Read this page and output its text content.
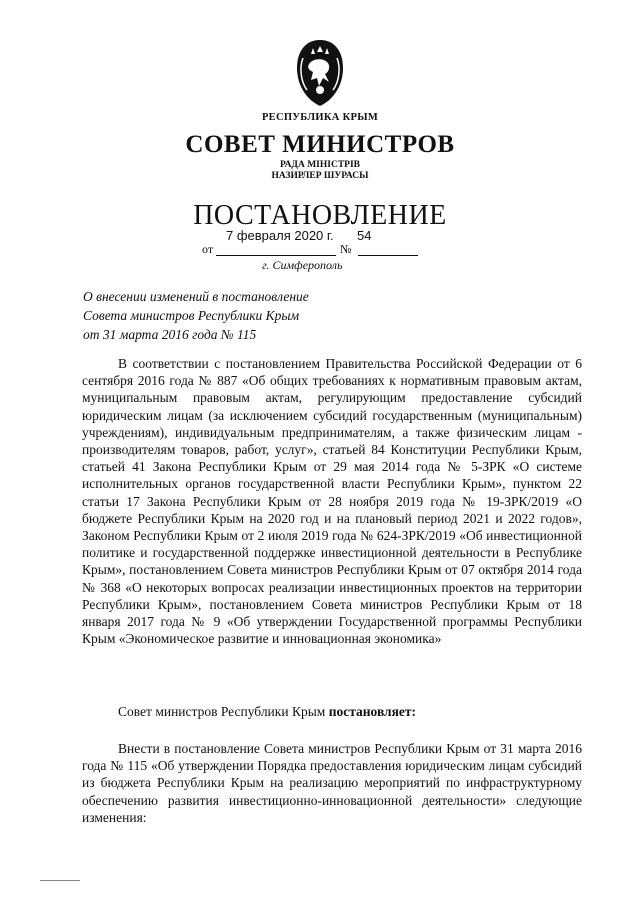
РЕСПУБЛИКА КРЫМ
СОВЕТ МИНИСТРОВ
РАДА МІНІСТРІВ
НАЗИРЛЕР ШУРАСЫ
ПОСТАНОВЛЕНИЕ
7 февраля 2020 г. 54
от	№
г. Симферополь
О внесении изменений в постановление
Совета министров Республики Крым
от 31 марта 2016 года № 115

В соответствии с постановлением Правительства Российской Федерации от 6 сентября 2016 года № 887 «Об общих требованиях к нормативным правовым актам, муниципальным правовым актам, регулирующим предоставление субсидий юридическим лицам (за исключением субсидий государственным (муниципальным) учреждениям), индивидуальным предпринимателям, а также физическим лицам - производителям товаров, работ, услуг», статьей 84 Конституции Республики Крым, статьей 41 Закона Республики Крым от 29 мая 2014 года № 5-ЗРК «О системе исполнительных органов государственной власти Республики Крым», пунктом 22 статьи 17 Закона Республики Крым от 28 ноября 2019 года № 19-ЗРК/2019 «О бюджете Республики Крым на 2020 год и на плановый период 2021 и 2022 годов», Законом Республики Крым от 2 июля 2019 года № 624-ЗРК/2019 «Об инвестиционной политике и государственной поддержке инвестиционной деятельности в Республике Крым», постановлением Совета министров Республики Крым от 07 октября 2014 года № 368 «О некоторых вопросах реализации инвестиционных проектов на территории Республики Крым», постановлением Совета министров Республики Крым от 18 января 2017 года № 9 «Об утверждении Государственной программы Республики Крым «Экономическое развитие и инновационная экономика»

Совет министров Республики Крым постановляет:

Внести в постановление Совета министров Республики Крым от 31 марта 2016 года № 115 «Об утверждении Порядка предоставления юридическим лицам субсидий из бюджета Республики Крым на реализацию мероприятий по инфраструктурному обеспечению развития инвестиционно-инновационной деятельности» следующие изменения:
